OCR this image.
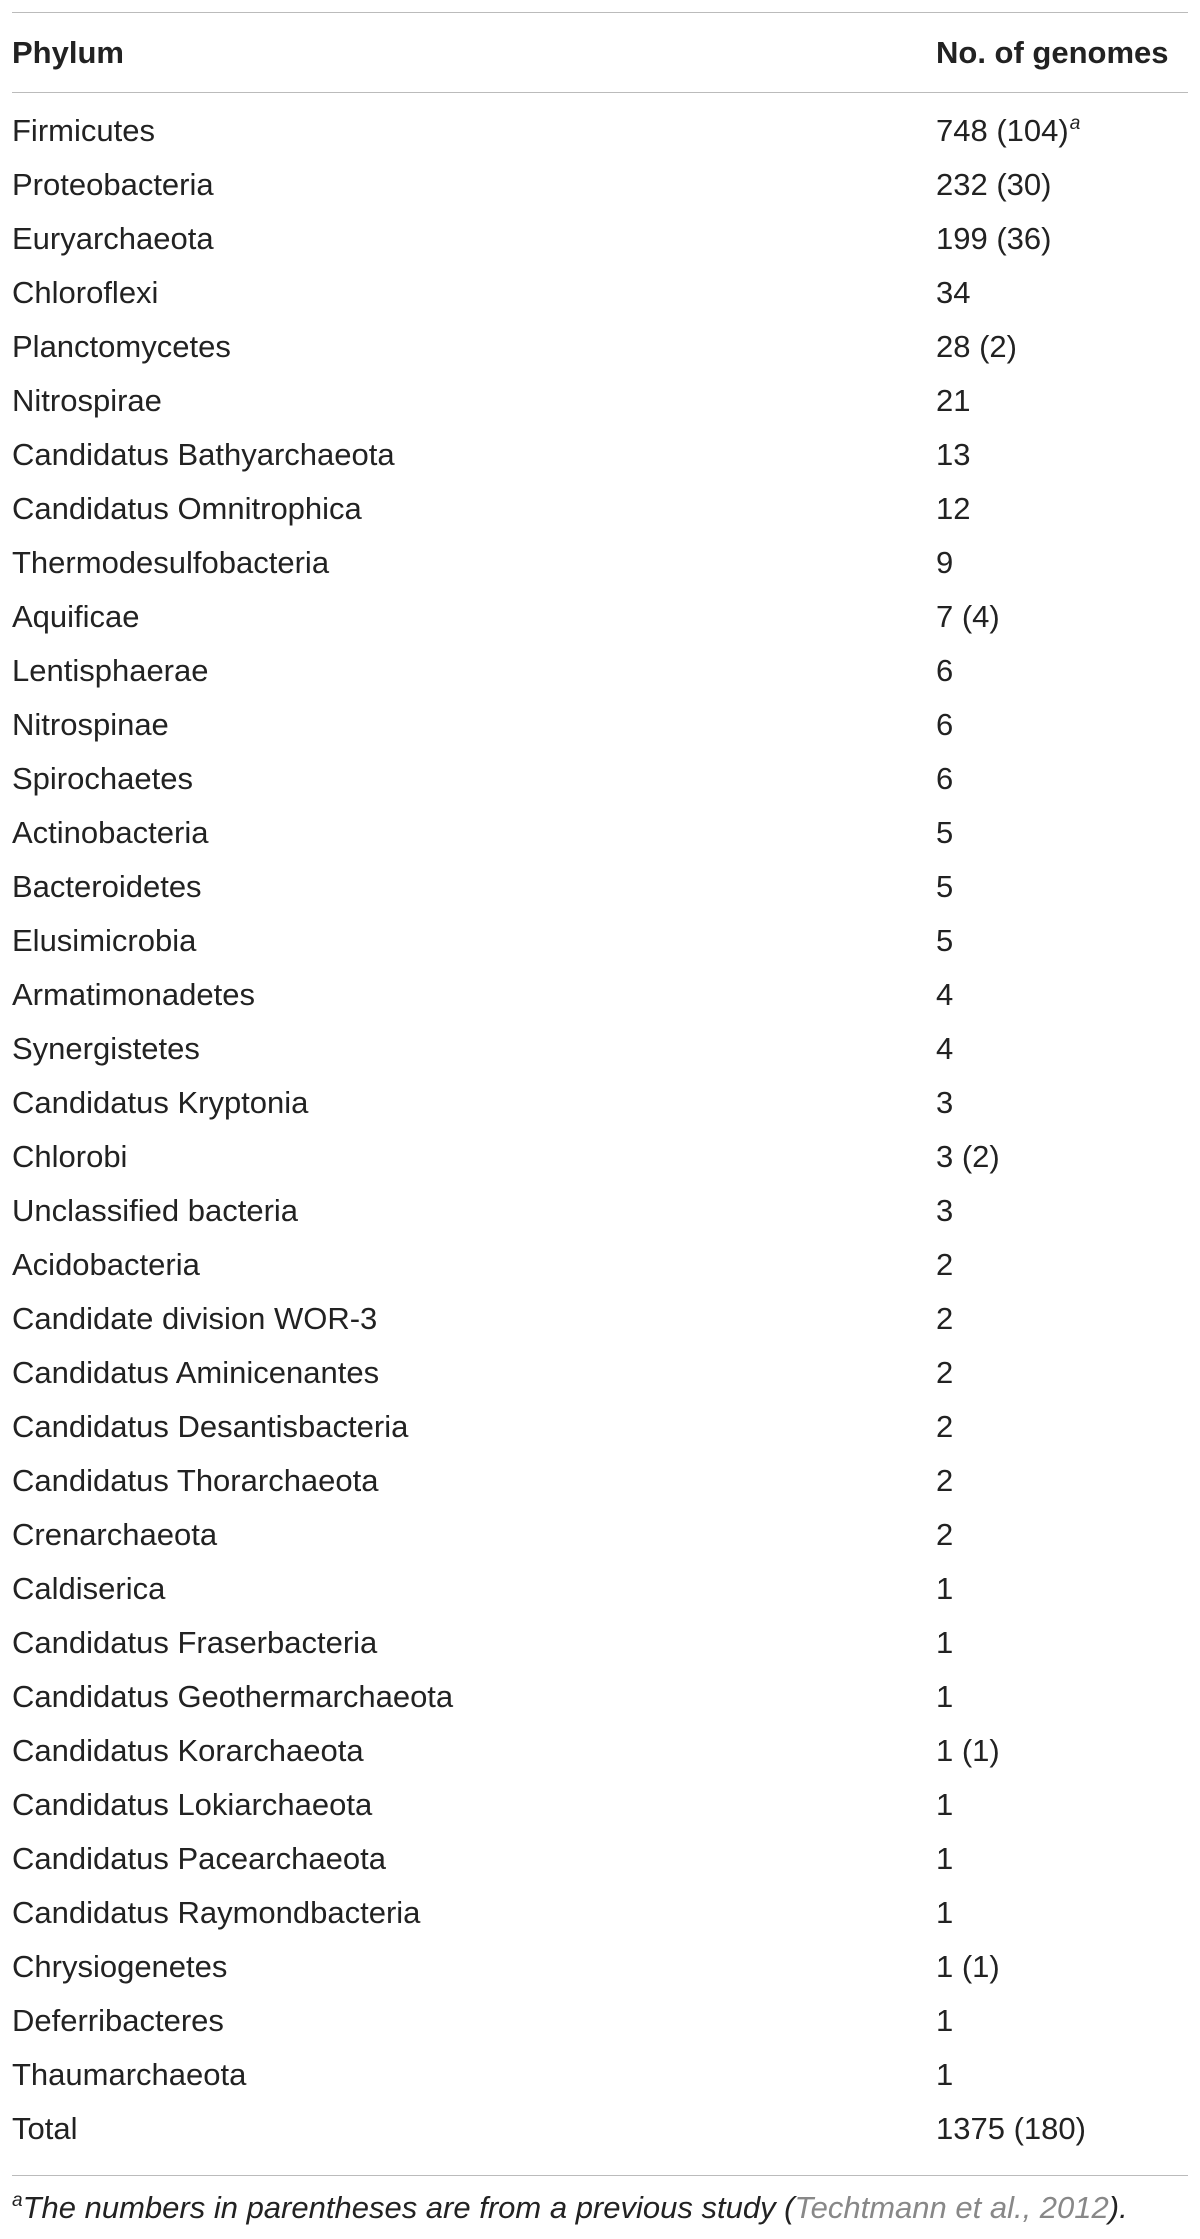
Phylum	No. of genomes
Firmicutes	748 $(104)^a$
Proteobacteria	232 (30)
Euryarchaeota	199 (36)
Chloroflexi	34
Planctomycetes	28 (2)
Nitrospirae	21
Candidatus Bathyarchaeota	13
Candidatus Omnitrophica	12
Thermodesulfobacteria	9
Aquificae	7 (4)
Lentisphaerae	6
Nitrospinae	6
Spirochaetes	6
Actinobacteria	5
Bacteroidetes	5
Elusimicrobia	5
Armatimonadetes	4
Synergistetes	4
Candidatus Kryptonia	3
Chlorobi	3 (2)
Unclassified bacteria	3
Acidobacteria	2
Candidate division WOR-3	2
Candidatus Aminicenantes	2
Candidatus Desantisbacteria	2
Candidatus Thorarchaeota	2
Crenarchaeota	2
Caldiserica	1
Candidatus Fraserbacteria	1
Candidatus Geothermarchaeota	1
Candidatus Korarchaeota	1 (1)
Candidatus Lokiarchaeota	1
Candidatus Pacearchaeota	1
Candidatus Raymondbacteria	1
Chrysiogenetes	1 (1)
Deferribacteres	1
Thaumarchaeota	1
Total	1375 (180)
$^a$The numbers in parentheses are from a previous study (Techtmann et al., 2012).
